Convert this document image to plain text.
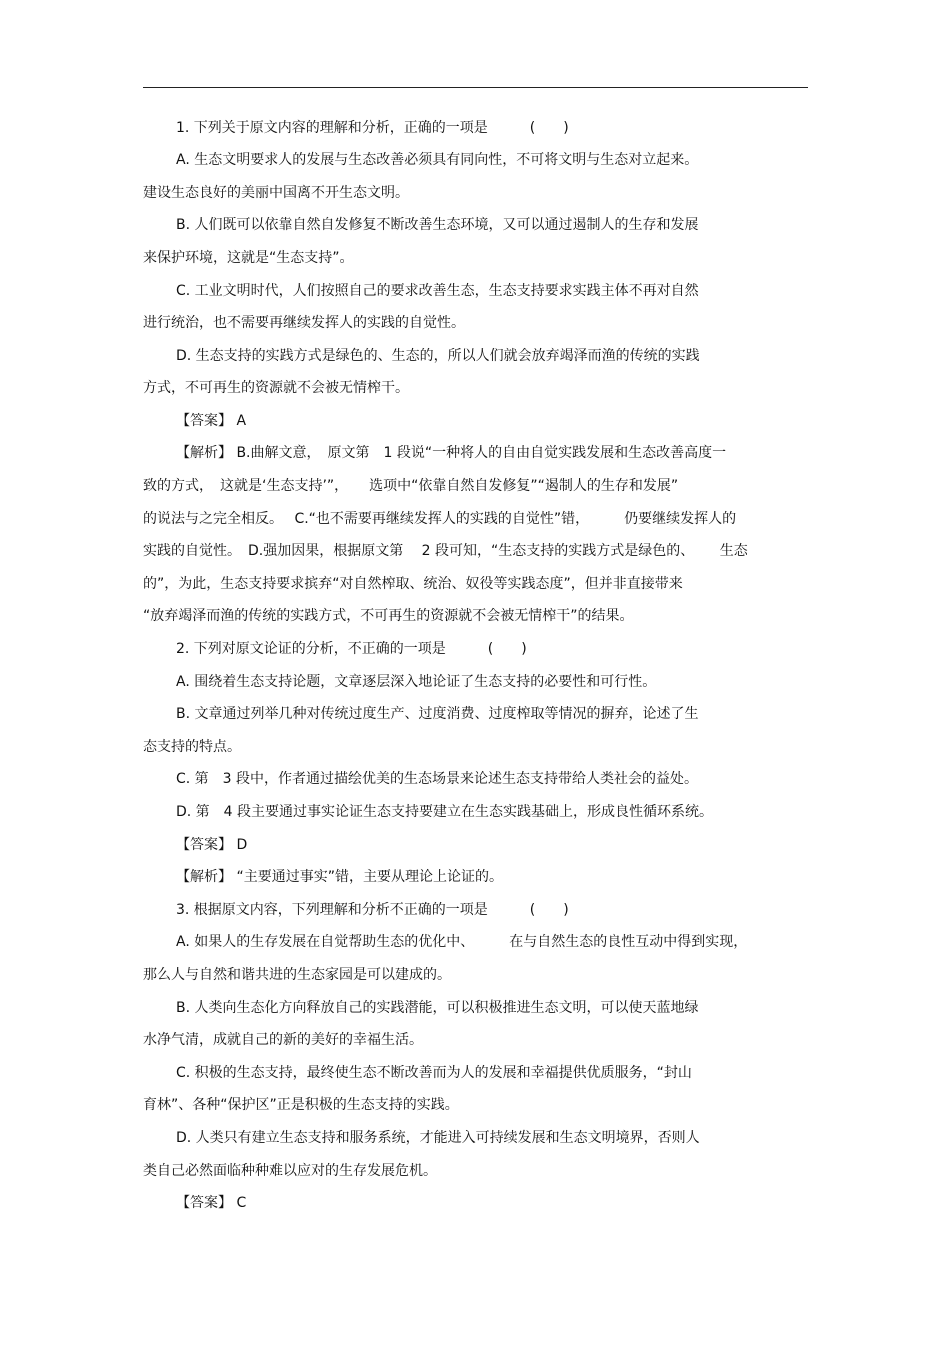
1. 下列关于原文内容的理解和分析，正确的一项是　　　(　　)
A. 生态文明要求人的发展与生态改善必须具有同向性，不可将文明与生态对立起来。
建设生态良好的美丽中国离不开生态文明。
B. 人们既可以依靠自然自发修复不断改善生态环境，又可以通过遏制人的生存和发展
来保护环境，这就是“生态支持”。
C. 工业文明时代，人们按照自己的要求改善生态，生态支持要求实践主体不再对自然
进行统治，也不需要再继续发挥人的实践的自觉性。
D. 生态支持的实践方式是绿色的、生态的，所以人们就会放弃竭泽而渔的传统的实践
方式，不可再生的资源就不会被无情榨干。
【答案】 A
【解析】 B.曲解文意，　原文第　1 段说“一种将人的自由自觉实践发展和生态改善高度一
致的方式，　这就是‘生态支持’”，　　选项中“依靠自然自发修复”“遏制人的生存和发展”
的说法与之完全相反。　 C.“也不需要再继续发挥人的实践的自觉性”错，　　　仍要继续发挥人的
实践的自觉性。　D.强加因果，根据原文第　 2 段可知，“生态支持的实践方式是绿色的、　　 生态
的”，为此，生态支持要求摈弃“对自然榨取、统治、奴役等实践态度”，但并非直接带来
“放弃竭泽而渔的传统的实践方式，不可再生的资源就不会被无情榨干”的结果。
2. 下列对原文论证的分析，不正确的一项是　　　(　　)
A. 围绕着生态支持论题，文章逐层深入地论证了生态支持的必要性和可行性。
B. 文章通过列举几种对传统过度生产、过度消费、过度榨取等情况的摒弃，论述了生
态支持的特点。
C. 第　3 段中，作者通过描绘优美的生态场景来论述生态支持带给人类社会的益处。
D. 第　4 段主要通过事实论证生态支持要建立在生态实践基础上，形成良性循环系统。
【答案】 D
【解析】 “主要通过事实”错，主要从理论上论证的。
3. 根据原文内容，下列理解和分析不正确的一项是　　　(　　)
A. 如果人的生存发展在自觉帮助生态的优化中、　　　在与自然生态的良性互动中得到实现，
那么人与自然和谐共进的生态家园是可以建成的。
B. 人类向生态化方向释放自己的实践潜能，可以积极推进生态文明，可以使天蓝地绿
水净气清，成就自己的新的美好的幸福生活。
C. 积极的生态支持，最终使生态不断改善而为人的发展和幸福提供优质服务，“封山
育林”、各种“保护区”正是积极的生态支持的实践。
D. 人类只有建立生态支持和服务系统，才能进入可持续发展和生态文明境界，否则人
类自己必然面临种种难以应对的生存发展危机。
【答案】 C
